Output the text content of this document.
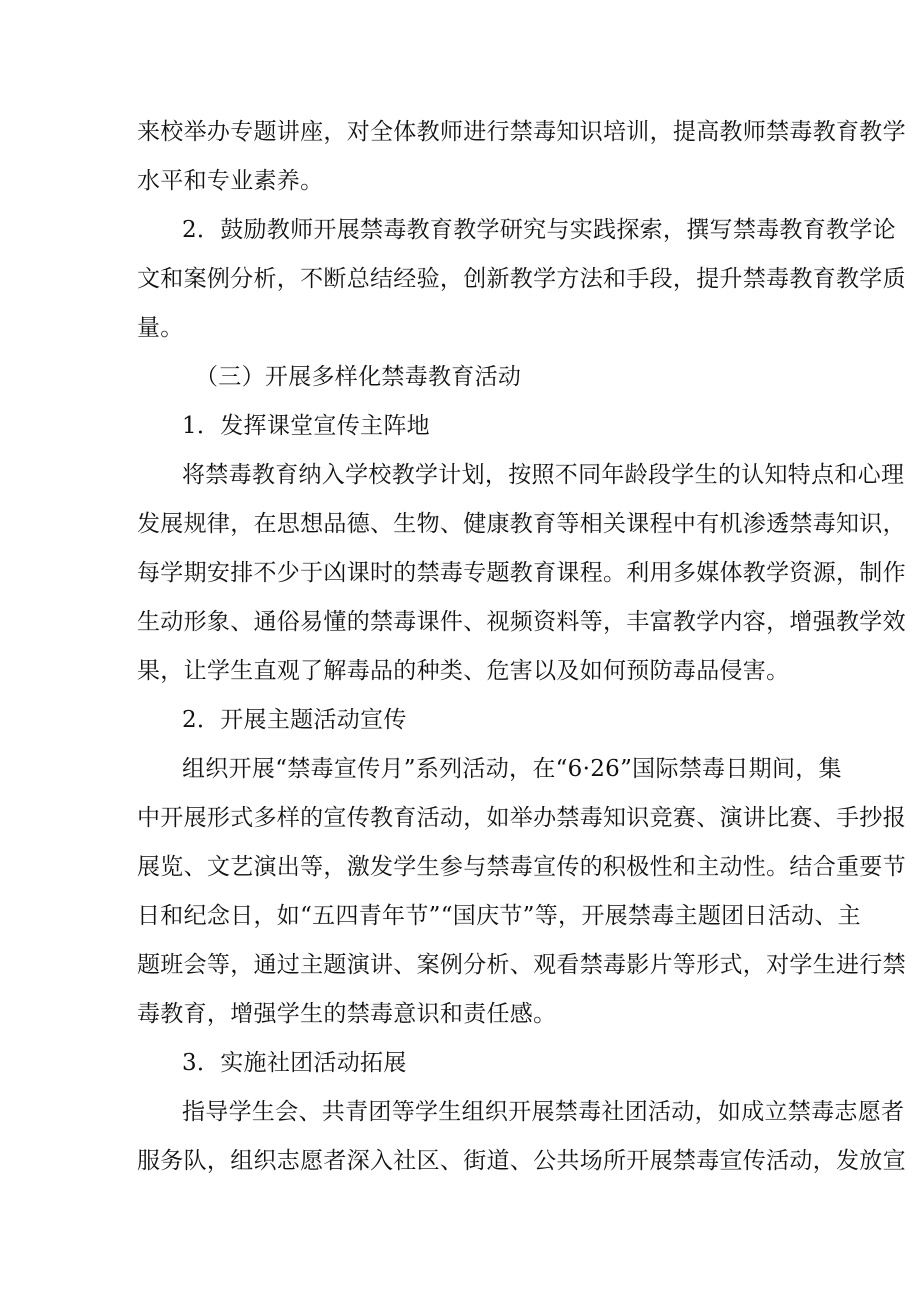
来校举办专题讲座，对全体教师进行禁毒知识培训，提高教师禁毒教育教学
水平和专业素养。
2．鼓励教师开展禁毒教育教学研究与实践探索，撰写禁毒教育教学论
文和案例分析，不断总结经验，创新教学方法和手段，提升禁毒教育教学质
量。
（三）开展多样化禁毒教育活动
1．发挥课堂宣传主阵地
将禁毒教育纳入学校教学计划，按照不同年龄段学生的认知特点和心理
发展规律，在思想品德、生物、健康教育等相关课程中有机渗透禁毒知识，
每学期安排不少于凶课时的禁毒专题教育课程。利用多媒体教学资源，制作
生动形象、通俗易懂的禁毒课件、视频资料等，丰富教学内容，增强教学效
果，让学生直观了解毒品的种类、危害以及如何预防毒品侵害。
2．开展主题活动宣传
组织开展“禁毒宣传月”系列活动，在“6·26”国际禁毒日期间，集
中开展形式多样的宣传教育活动，如举办禁毒知识竞赛、演讲比赛、手抄报
展览、文艺演出等，激发学生参与禁毒宣传的积极性和主动性。结合重要节
日和纪念日，如“五四青年节”“国庆节”等，开展禁毒主题团日活动、主
题班会等，通过主题演讲、案例分析、观看禁毒影片等形式，对学生进行禁
毒教育，增强学生的禁毒意识和责任感。
3．实施社团活动拓展
指导学生会、共青团等学生组织开展禁毒社团活动，如成立禁毒志愿者
服务队，组织志愿者深入社区、街道、公共场所开展禁毒宣传活动，发放宣
